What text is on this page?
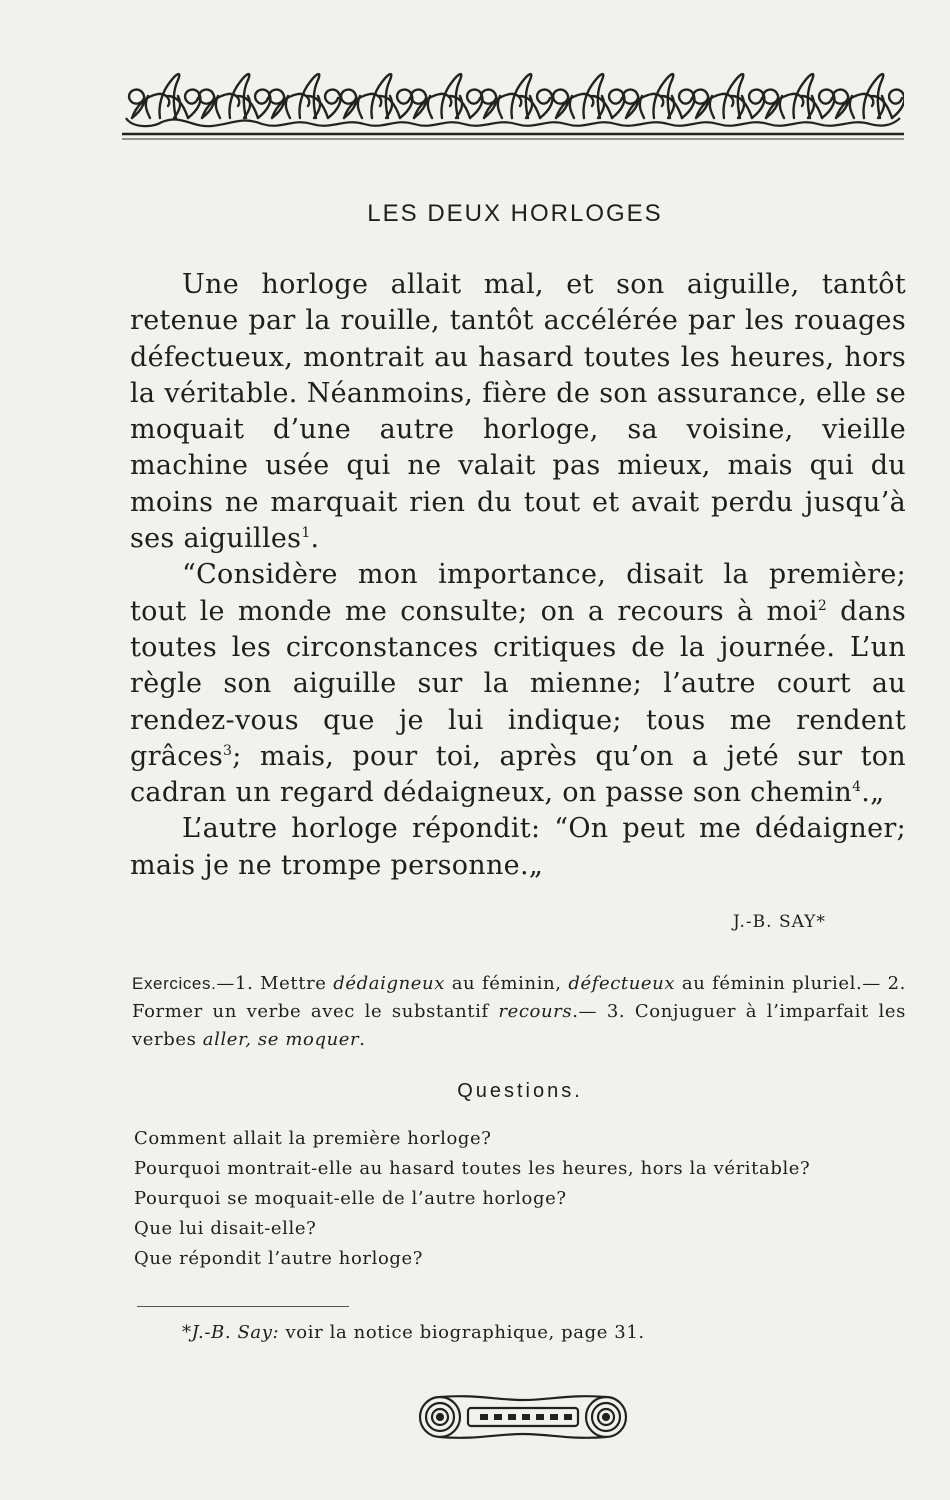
LES DEUX HORLOGES

Une horloge allait mal, et son aiguille, tantôt retenue par la rouille, tantôt accélérée par les rouages défectueux, montrait au hasard toutes les heures, hors la véritable. Néanmoins, fière de son assurance, elle se moquait d’une autre horloge, sa voisine, vieille machine usée qui ne valait pas mieux, mais qui du moins ne marquait rien du tout et avait perdu jusqu’à ses aiguilles$^1$.

“Considère mon importance, disait la première; tout le monde me consulte; on a recours à moi$^2$ dans toutes les circonstances critiques de la journée. L’un règle son aiguille sur la mienne; l’autre court au rendez-vous que je lui indique; tous me rendent grâces$^3$; mais, pour toi, après qu’on a jeté sur ton cadran un regard dédaigneux, on passe son chemin$^4$.„

L’autre horloge répondit: “On peut me dédaigner; mais je ne trompe personne.„

J.-B. SAY*
Exercices.—1. Mettre dédaigneux au féminin, défectueux au féminin pluriel.— 2. Former un verbe avec le substantif recours.— 3. Conjuguer à l’imparfait les verbes aller, se moquer.
Questions.
Comment allait la première horloge?
Pourquoi montrait-elle au hasard toutes les heures, hors la véritable?
Pourquoi se moquait-elle de l’autre horloge?
Que lui disait-elle?
Que répondit l’autre horloge?
*J.-B. Say: voir la notice biographique, page 31.
